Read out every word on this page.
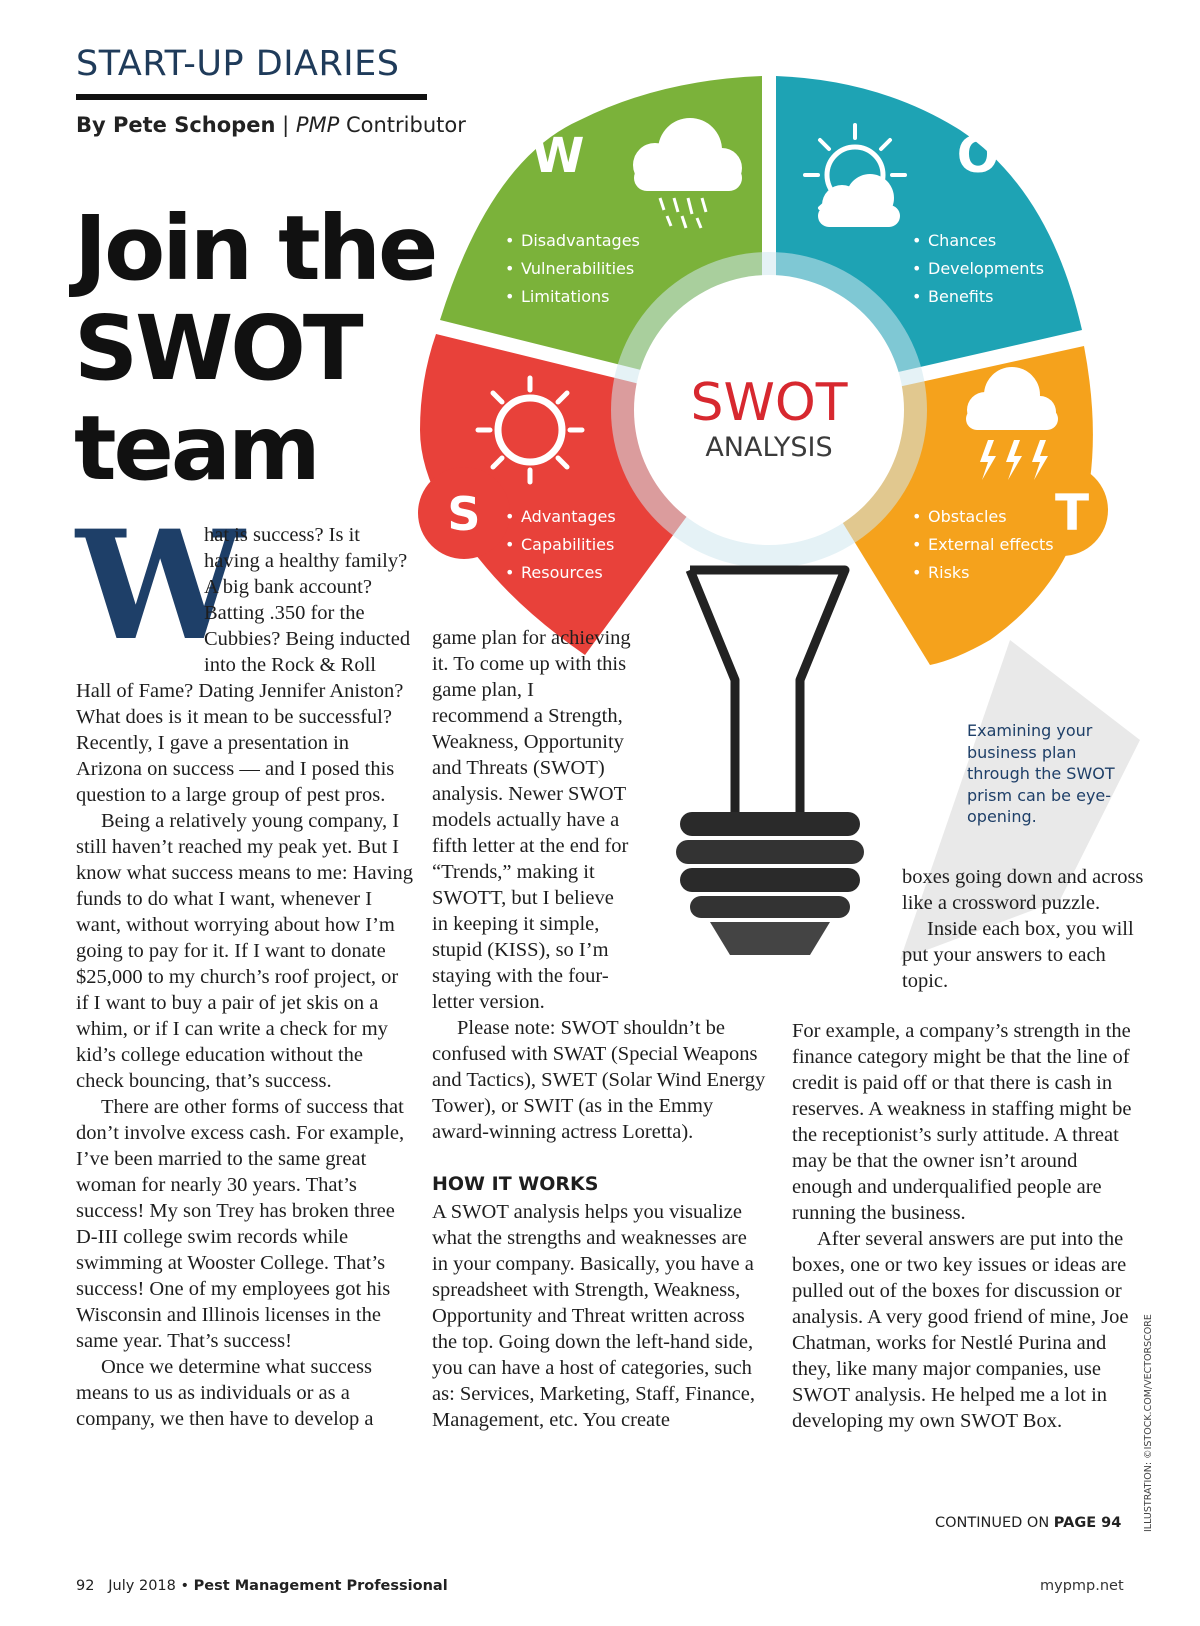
SWOT
ANALYSIS
W	O
S	T
• Disadvantages
• Vulnerabilities
• Limitations
• Chances
• Developments
• Benefits
• Advantages
• Capabilities
• Resources
• Obstacles
• External effects
• Risks
START-UP DIARIES
By Pete Schopen | PMP Contributor
Join the
SWOT
team
W

hat is success? Is it having a healthy family? A big bank account? Batting .350 for the Cubbies? Being inducted into the Rock & Roll Hall of Fame? Dating Jennifer Aniston? What does is it mean to be successful? Recently, I gave a presentation in Arizona on success — and I posed this question to a large group of pest pros.

Being a relatively young company, I still haven’t reached my peak yet. But I know what success means to me: Having funds to do what I want, whenever I want, without worrying about how I’m going to pay for it. If I want to donate $25,000 to my church’s roof project, or if I want to buy a pair of jet skis on a whim, or if I can write a check for my kid’s college education without the check bouncing, that’s success.

There are other forms of success that don’t involve excess cash. For example, I’ve been married to the same great woman for nearly 30 years. That’s success! My son Trey has broken three D-III college swim records while swimming at Wooster College. That’s success! One of my employees got his Wisconsin and Illinois licenses in the same year. That’s success!

Once we determine what success means to us as individuals or as a company, we then have to develop a

game plan for achieving it. To come up with this game plan, I recommend a Strength, Weakness, Opportunity and Threats (SWOT) analysis. Newer SWOT models actually have a fifth letter at the end for “Trends,” making it SWOTT, but I believe in keeping it simple, stupid (KISS), so I’m staying with the four-letter version.

Please note: SWOT shouldn’t be confused with SWAT (Special Weapons and Tactics), SWET (Solar Wind Energy Tower), or SWIT (as in the Emmy award-winning actress Loretta).

HOW IT WORKS

A SWOT analysis helps you visualize what the strengths and weaknesses are in your company. Basically, you have a spreadsheet with Strength, Weakness, Opportunity and Threat written across the top. Going down the left-hand side, you can have a host of categories, such as: Services, Marketing, Staff, Finance, Management, etc. You create

Examining your business plan through the SWOT prism can be eye-opening.

boxes going down and across like a crossword puzzle.

Inside each box, you will put your answers to each topic.

For example, a company’s strength in the finance category might be that the line of credit is paid off or that there is cash in reserves. A weakness in staffing might be the receptionist’s surly attitude. A threat may be that the owner isn’t around enough and underqualified people are running the business.

After several answers are put into the boxes, one or two key issues or ideas are pulled out of the boxes for discussion or analysis. A very good friend of mine, Joe Chatman, works for Nestlé Purina and they, like many major companies, use SWOT analysis. He helped me a lot in developing my own SWOT Box.

CONTINUED ON PAGE 94 ILLUSTRATION: ©ISTOCK.COM/VECTORSCORE
92 July 2018 • Pest Management Professional	mypmp.net
